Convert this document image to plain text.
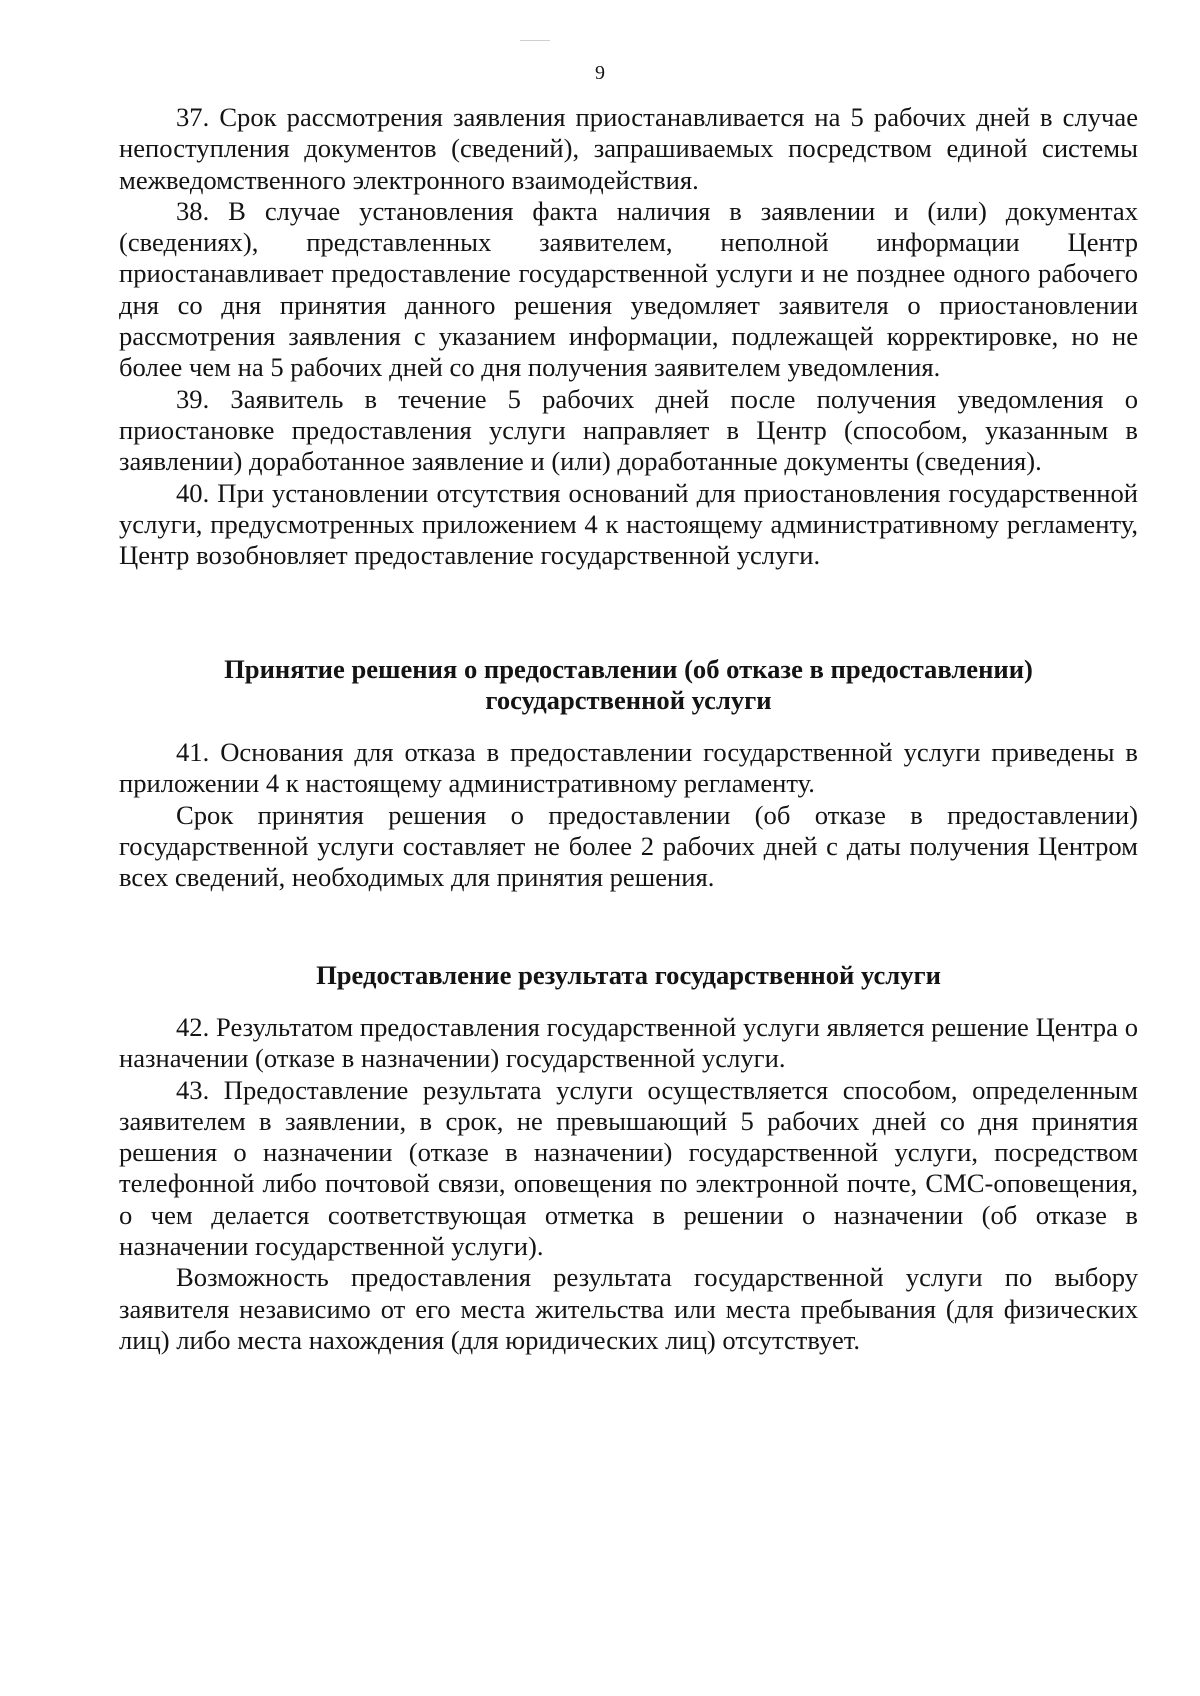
9

37. Срок рассмотрения заявления приостанавливается на 5 рабочих дней в случае непоступления документов (сведений), запрашиваемых посредством единой системы межведомственного электронного взаимодействия.

38. В случае установления факта наличия в заявлении и (или) документах (сведениях), представленных заявителем, неполной информации Центр приостанавливает предоставление государственной услуги и не позднее одного рабочего дня со дня принятия данного решения уведомляет заявителя о приостановлении рассмотрения заявления с указанием информации, подлежащей корректировке, но не более чем на 5 рабочих дней со дня получения заявителем уведомления.

39. Заявитель в течение 5 рабочих дней после получения уведомления о приостановке предоставления услуги направляет в Центр (способом, указанным в заявлении) доработанное заявление и (или) доработанные документы (сведения).

40. При установлении отсутствия оснований для приостановления государственной услуги, предусмотренных приложением 4 к настоящему административному регламенту, Центр возобновляет предоставление государственной услуги.

Принятие решения о предоставлении (об отказе в предоставлении)
государственной услуги

41. Основания для отказа в предоставлении государственной услуги приведены в приложении 4 к настоящему административному регламенту.

Срок принятия решения о предоставлении (об отказе в предоставлении) государственной услуги составляет не более 2 рабочих дней с даты получения Центром всех сведений, необходимых для принятия решения.

Предоставление результата государственной услуги

42. Результатом предоставления государственной услуги является решение Центра о назначении (отказе в назначении) государственной услуги.

43. Предоставление результата услуги осуществляется способом, определенным заявителем в заявлении, в срок, не превышающий 5 рабочих дней со дня принятия решения о назначении (отказе в назначении) государственной услуги, посредством телефонной либо почтовой связи, оповещения по электронной почте, СМС-оповещения, о чем делается соответствующая отметка в решении о назначении (об отказе в назначении государственной услуги).

Возможность предоставления результата государственной услуги по выбору заявителя независимо от его места жительства или места пребывания (для физических лиц) либо места нахождения (для юридических лиц) отсутствует.
